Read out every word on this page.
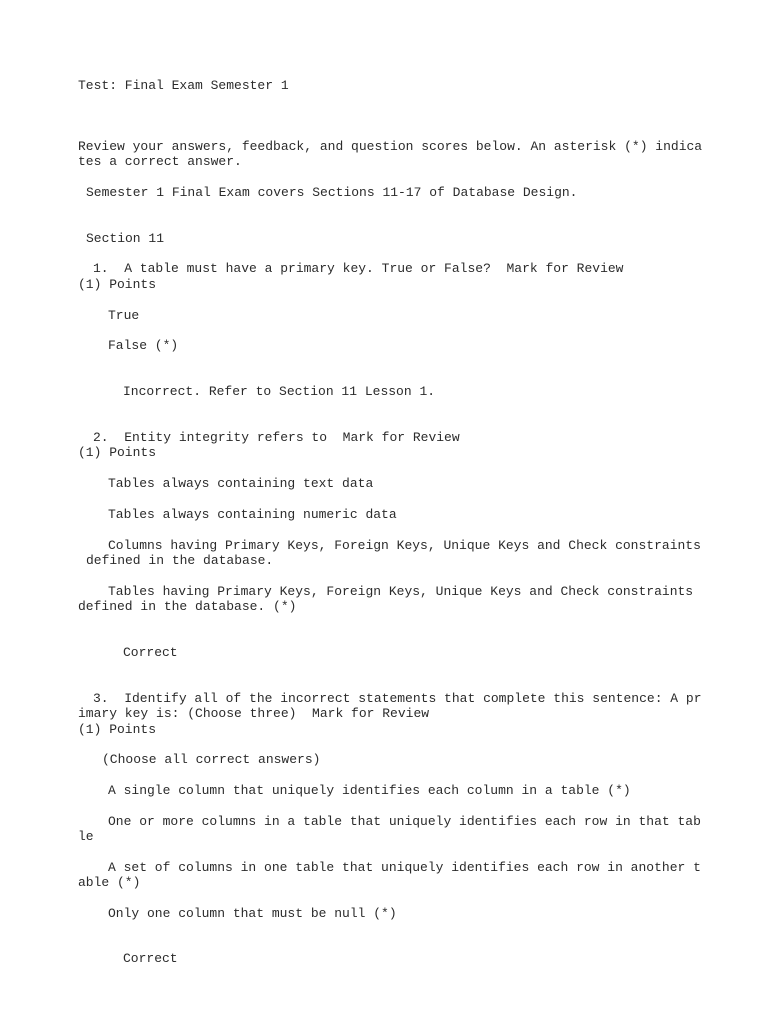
Test: Final Exam Semester 1
Review your answers, feedback, and question scores below. An asterisk (*) indica
tes a correct answer.
Semester 1 Final Exam covers Sections 11-17 of Database Design.
Section 11
1.  A table must have a primary key. True or False?  Mark for Review
(1) Points
True
False (*)
Incorrect. Refer to Section 11 Lesson 1.
2.  Entity integrity refers to  Mark for Review
(1) Points
Tables always containing text data
Tables always containing numeric data
Columns having Primary Keys, Foreign Keys, Unique Keys and Check constraints
defined in the database.
Tables having Primary Keys, Foreign Keys, Unique Keys and Check constraints
defined in the database. (*)
Correct
3.  Identify all of the incorrect statements that complete this sentence: A pr
imary key is: (Choose three)  Mark for Review
(1) Points
(Choose all correct answers)
A single column that uniquely identifies each column in a table (*)
One or more columns in a table that uniquely identifies each row in that tab
le
A set of columns in one table that uniquely identifies each row in another t
able (*)
Only one column that must be null (*)
Correct
